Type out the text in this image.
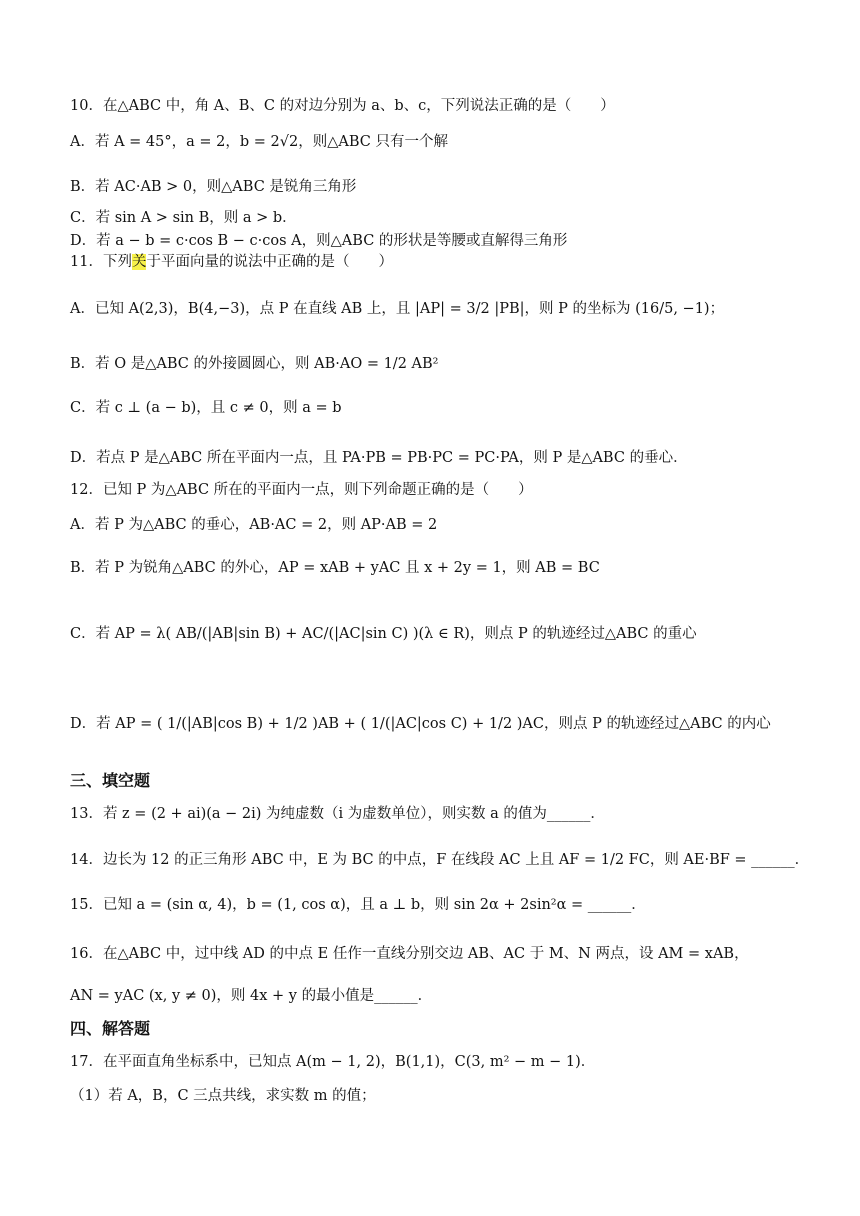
10．在△ABC 中，角 A、B、C 的对边分别为 a、b、c，下列说法正确的是（　　）
A．若 A = 45°，a = 2，b = 2√2，则△ABC 只有一个解
B．若 AC·AB > 0，则△ABC 是锐角三角形
C．若 sin A > sin B，则 a > b．
D．若 a − b = c·cos B − c·cos A，则△ABC 的形状是等腰或直解得三角形
11．下列关于平面向量的说法中正确的是（　　）
A．已知 A(2,3)，B(4,−3)，点 P 在直线 AB 上，且 |AP| = 3/2 |PB|，则 P 的坐标为 (16/5, −1)；
B．若 O 是△ABC 的外接圆圆心，则 AB·AO = 1/2 AB²
C．若 c ⊥ (a − b)，且 c ≠ 0，则 a = b
D．若点 P 是△ABC 所在平面内一点，且 PA·PB = PB·PC = PC·PA，则 P 是△ABC 的垂心．
12．已知 P 为△ABC 所在的平面内一点，则下列命题正确的是（　　）
A．若 P 为△ABC 的垂心，AB·AC = 2，则 AP·AB = 2
B．若 P 为锐角△ABC 的外心，AP = xAB + yAC 且 x + 2y = 1，则 AB = BC
C．若 AP = λ( AB/(|AB|sin B) + AC/(|AC|sin C) )(λ ∈ R)，则点 P 的轨迹经过△ABC 的重心
D．若 AP = ( 1/(|AB|cos B) + 1/2 )AB + ( 1/(|AC|cos C) + 1/2 )AC，则点 P 的轨迹经过△ABC 的内心
三、填空题
13．若 z = (2 + ai)(a − 2i) 为纯虚数（i 为虚数单位），则实数 a 的值为______．
14．边长为 12 的正三角形 ABC 中，E 为 BC 的中点，F 在线段 AC 上且 AF = 1/2 FC，则 AE·BF = ______．
15．已知 a = (sin α, 4)，b = (1, cos α)，且 a ⊥ b，则 sin 2α + 2sin²α = ______．
16．在△ABC 中，过中线 AD 的中点 E 任作一直线分别交边 AB、AC 于 M、N 两点，设 AM = xAB，
AN = yAC (x, y ≠ 0)，则 4x + y 的最小值是______．
四、解答题
17．在平面直角坐标系中，已知点 A(m − 1, 2)，B(1,1)，C(3, m² − m − 1)．
（1）若 A，B，C 三点共线，求实数 m 的值；
